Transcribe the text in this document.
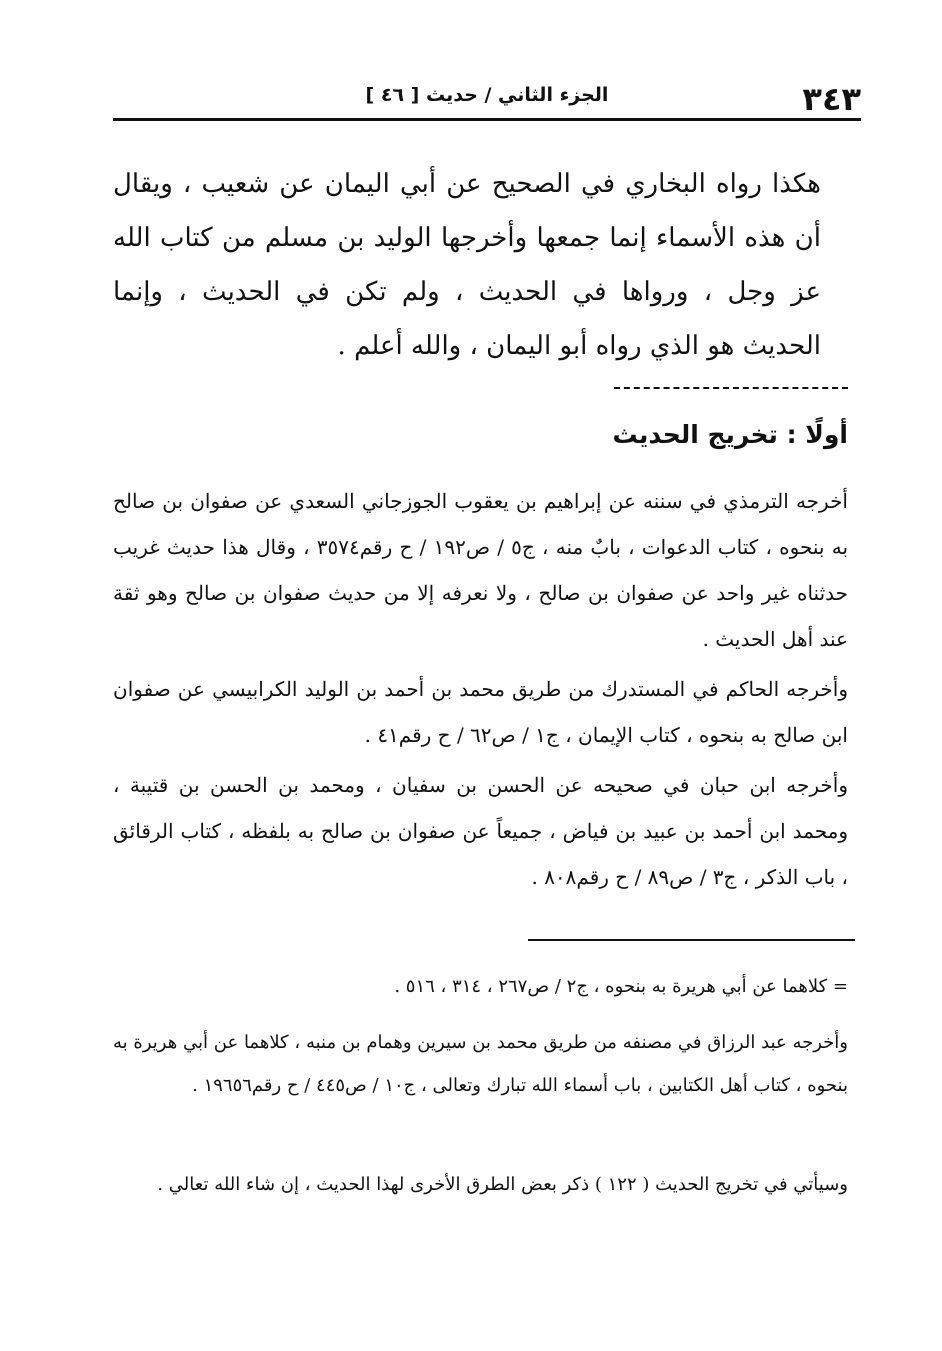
٣٤٣
الجزء الثاني / حديث [ ٤٦ ]

هكذا رواه البخاري في الصحيح عن أبي اليمان عن شعيب ، ويقال أن هذه الأسماء إنما جمعها وأخرجها الوليد بن مسلم من كتاب الله عز وجل ، ورواها في الحديث ، ولم تكن في الحديث ، وإنما الحديث هو الذي رواه أبو اليمان ، والله أعلم .

أولًا : تخريج الحديث

أخرجه الترمذي في سننه عن إبراهيم بن يعقوب الجوزجاني السعدي عن صفوان بن صالح به بنحوه ، كتاب الدعوات ، بابٌ منه ، ج٥ / ص١٩٢ / ح رقم٣٥٧٤ ، وقال هذا حديث غريب حدثناه غير واحد عن صفوان بن صالح ، ولا نعرفه إلا من حديث صفوان بن صالح وهو ثقة عند أهل الحديث .

وأخرجه الحاكم في المستدرك من طريق محمد بن أحمد بن الوليد الكرابيسي عن صفوان ابن صالح به بنحوه ، كتاب الإيمان ، ج١ / ص٦٢ / ح رقم٤١ .

وأخرجه ابن حبان في صحيحه عن الحسن بن سفيان ، ومحمد بن الحسن بن قتيبة ، ومحمد ابن أحمد بن عبيد بن فياض ، جميعاً عن صفوان بن صالح به بلفظه ، كتاب الرقائق ، باب الذكر ، ج٣ / ص٨٩ / ح رقم٨٠٨ .

= كلاهما عن أبي هريرة به بنحوه ، ج٢ / ص٢٦٧ ، ٣١٤ ، ٥١٦ .

وأخرجه عبد الرزاق في مصنفه من طريق محمد بن سيرين وهمام بن منبه ، كلاهما عن أبي هريرة به بنحوه ، كتاب أهل الكتابين ، باب أسماء الله تبارك وتعالى ، ج١٠ / ص٤٤٥ / ح رقم١٩٦٥٦ .

وسيأتي في تخريج الحديث ( ١٢٢ ) ذكر بعض الطرق الأخرى لهذا الحديث ، إن شاء الله تعالي .
